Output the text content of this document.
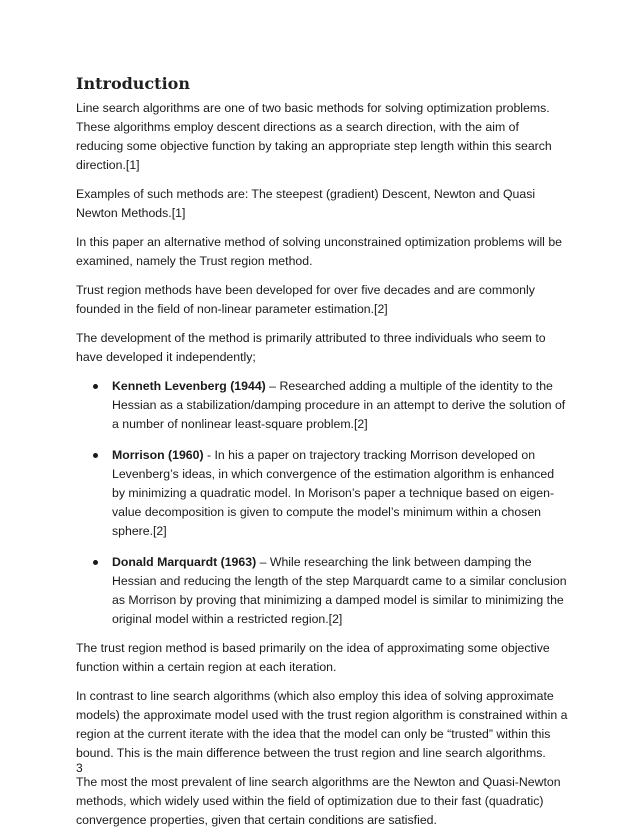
Introduction

Line search algorithms are one of two basic methods for solving optimization problems. These algorithms employ descent directions as a search direction, with the aim of reducing some objective function by taking an appropriate step length within this search direction.[1]

Examples of such methods are: The steepest (gradient) Descent, Newton and Quasi Newton Methods.[1]

In this paper an alternative method of solving unconstrained optimization problems will be examined, namely the Trust region method.

Trust region methods have been developed for over five decades and are commonly founded in the field of non-linear parameter estimation.[2]

The development of the method is primarily attributed to three individuals who seem to have developed it independently;

Kenneth Levenberg (1944) – Researched adding a multiple of the identity to the Hessian as a stabilization/damping procedure in an attempt to derive the solution of a number of nonlinear least-square problem.[2]
Morrison (1960) - In his a paper on trajectory tracking Morrison developed on Levenberg’s ideas, in which convergence of the estimation algorithm is enhanced by minimizing a quadratic model. In Morison’s paper a technique based on eigen-value decomposition is given to compute the model’s minimum within a chosen sphere.[2]
Donald Marquardt (1963) – While researching the link between damping the Hessian and reducing the length of the step Marquardt came to a similar conclusion as Morrison by proving that minimizing a damped model is similar to minimizing the original model within a restricted region.[2]

The trust region method is based primarily on the idea of approximating some objective function within a certain region at each iteration.

In contrast to line search algorithms (which also employ this idea of solving approximate models) the approximate model used with the trust region algorithm is constrained within a region at the current iterate with the idea that the model can only be “trusted” within this bound. This is the main difference between the trust region and line search algorithms.

The most the most prevalent of line search algorithms are the Newton and Quasi-Newton methods, which widely used within the field of optimization due to their fast (quadratic) convergence properties, given that certain conditions are satisfied.

3
